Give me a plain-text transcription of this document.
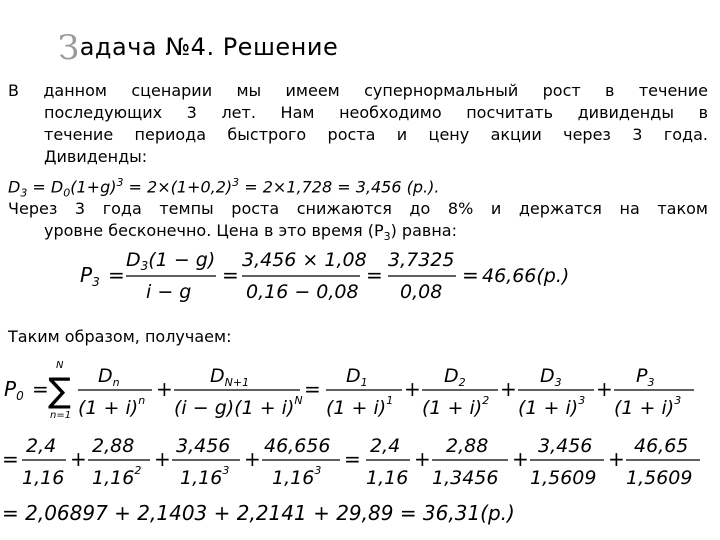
Задача №4. Решение
В данном сценарии мы имеем супернормальный рост в течение
последующих 3 лет. Нам необходимо посчитать дивиденды в
течение периода быстрого роста и цену акции через 3 года.
Дивиденды:
$D_3 = D_0(1+g)^3 = 2\times(1+0,2)^3 = 2\times 1,728 = 3,456$ (р.).
Через 3 года темпы роста снижаются до 8% и держатся на таком
уровне бесконечно. Цена в это время $(P_3)$ равна:
$P_3$ =
$D_3(1 - g)$
i − g
=
3,456 × 1,08
0,16 − 0,08
=
3,7325
0,08
= 46,66(р.)
Таким образом, получаем:
$P_0$ =
N
∑
n=1
$D_n$
$(1 + i)^n$ +
$D_{N+1}$
$(i - g)(1 + i)^N$ =
$D_1$
$(1 + i)^1$ +
$D_2$
$(1 + i)^2$ +
$D_3$
$(1 + i)^3$ +
$P_3$
$(1 + i)^3$
=
2,4
1,16
+
2,88
$1,16^2$ +
3,456
$1,16^3$ +
46,656
$1,16^3$ =
2,4
1,16
+
2,88
1,3456
+
3,456
1,5609
+
46,65
1,5609
= 2,06897 + 2,1403 + 2,2141 + 29,89 = 36,31(р.)
